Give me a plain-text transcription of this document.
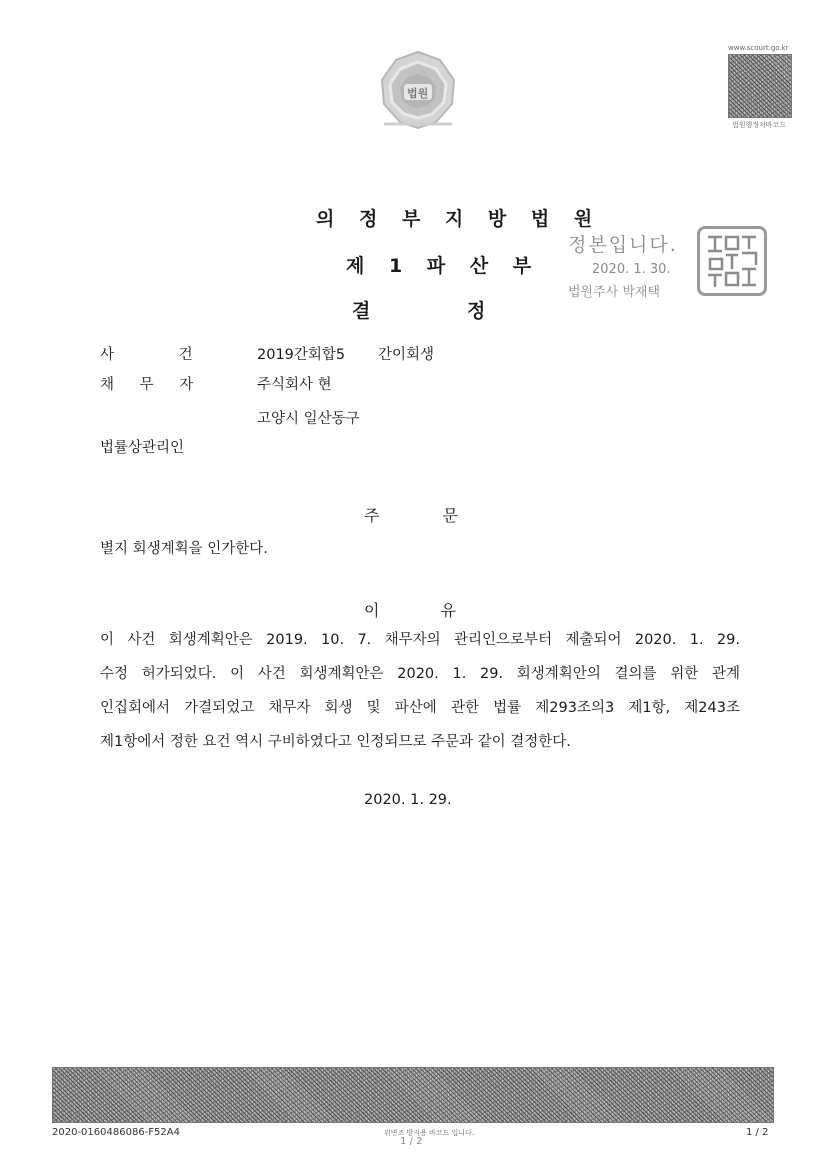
법원
www.scourt.go.kr
법원행정처바코드
의 정 부 지 방 법 원
제 1 파 산 부
결 정
정본입니다.
2020. 1. 30.
법원주사 박재택
사 건	2019간회합5 간이회생
채 무 자	주식회사 현
고양시 일산동구
법률상관리인
주 문
별지 회생계획을 인가한다.
이 유
이 사건 회생계획안은 2019. 10. 7. 채무자의 관리인으로부터 제출되어 2020. 1. 29.
수정 허가되었다. 이 사건 회생계획안은 2020. 1. 29. 회생계획안의 결의를 위한 관계
인집회에서 가결되었고 채무자 회생 및 파산에 관한 법률 제293조의3 제1항, 제243조
제1항에서 정한 요건 역시 구비하였다고 인정되므로 주문과 같이 결정한다.
2020. 1. 29.
2020-0160486086-F52A4	위변조 방지용 바코드 입니다.
1 / 2
1 / 2
